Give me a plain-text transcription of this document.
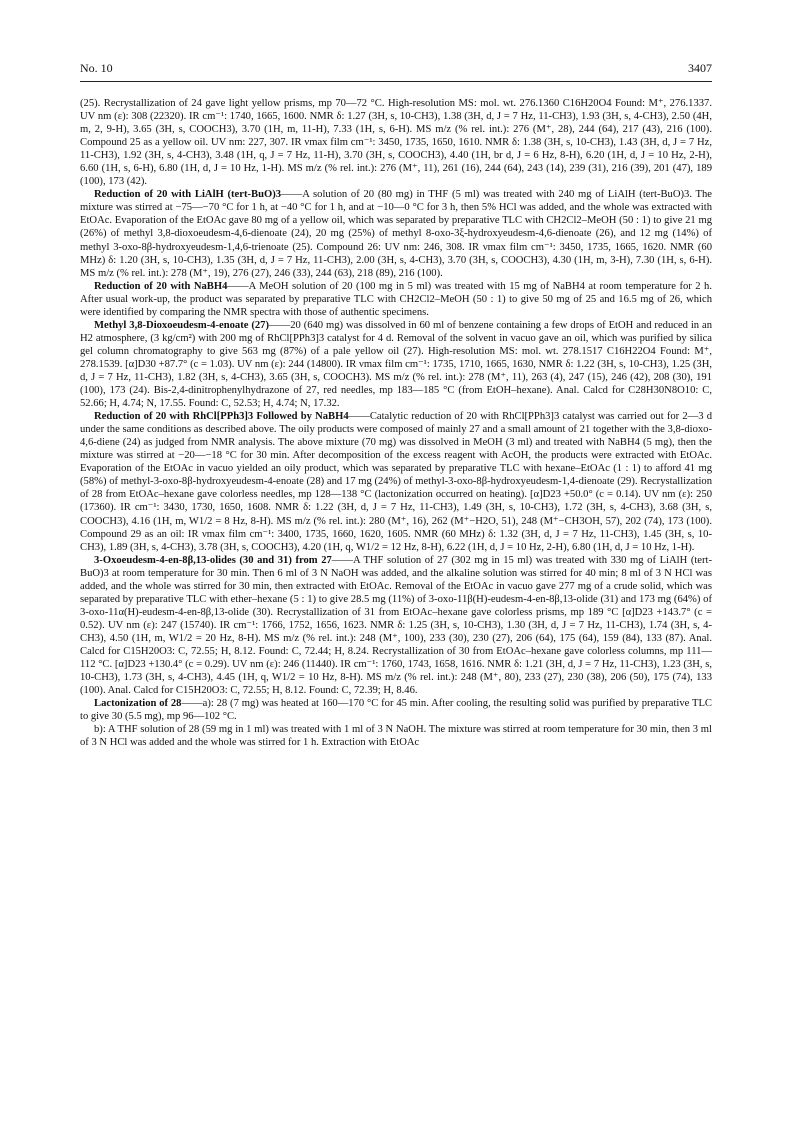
No. 10	3407

(25). Recrystallization of 24 gave light yellow prisms, mp 70—72 °C. High-resolution MS: mol. wt. 276.1360 C16H20O4 Found: M⁺, 276.1337. UV nm (ε): 308 (22320). IR cm⁻¹: 1740, 1665, 1600. NMR δ: 1.27 (3H, s, 10-CH3), 1.38 (3H, d, J = 7 Hz, 11-CH3), 1.93 (3H, s, 4-CH3), 2.50 (4H, m, 2, 9-H), 3.65 (3H, s, COOCH3), 3.70 (1H, m, 11-H), 7.33 (1H, s, 6-H). MS m/z (% rel. int.): 276 (M⁺, 28), 244 (64), 217 (43), 216 (100). Compound 25 as a yellow oil. UV nm: 227, 307. IR νmax film cm⁻¹: 3450, 1735, 1650, 1610. NMR δ: 1.38 (3H, s, 10-CH3), 1.43 (3H, d, J = 7 Hz, 11-CH3), 1.92 (3H, s, 4-CH3), 3.48 (1H, q, J = 7 Hz, 11-H), 3.70 (3H, s, COOCH3), 4.40 (1H, br d, J = 6 Hz, 8-H), 6.20 (1H, d, J = 10 Hz, 2-H), 6.60 (1H, s, 6-H), 6.80 (1H, d, J = 10 Hz, 1-H). MS m/z (% rel. int.): 276 (M⁺, 11), 261 (16), 244 (64), 243 (14), 239 (31), 216 (39), 201 (47), 189 (100), 173 (42).

Reduction of 20 with LiAlH (tert-BuO)3——A solution of 20 (80 mg) in THF (5 ml) was treated with 240 mg of LiAlH (tert-BuO)3. The mixture was stirred at −75—−70 °C for 1 h, at −40 °C for 1 h, and at −10—0 °C for 3 h, then 5% HCl was added, and the whole was extracted with EtOAc. Evaporation of the EtOAc gave 80 mg of a yellow oil, which was separated by preparative TLC with CH2Cl2–MeOH (50 : 1) to give 21 mg (26%) of methyl 3,8-dioxoeudesm-4,6-dienoate (24), 20 mg (25%) of methyl 8-oxo-3ξ-hydroxyeudesm-4,6-dienoate (26), and 12 mg (14%) of methyl 3-oxo-8β-hydroxyeudesm-1,4,6-trienoate (25). Compound 26: UV nm: 246, 308. IR νmax film cm⁻¹: 3450, 1735, 1665, 1620. NMR (60 MHz) δ: 1.20 (3H, s, 10-CH3), 1.35 (3H, d, J = 7 Hz, 11-CH3), 2.00 (3H, s, 4-CH3), 3.70 (3H, s, COOCH3), 4.30 (1H, m, 3-H), 7.30 (1H, s, 6-H). MS m/z (% rel. int.): 278 (M⁺, 19), 276 (27), 246 (33), 244 (63), 218 (89), 216 (100).

Reduction of 20 with NaBH4——A MeOH solution of 20 (100 mg in 5 ml) was treated with 15 mg of NaBH4 at room temperature for 2 h. After usual work-up, the product was separated by preparative TLC with CH2Cl2–MeOH (50 : 1) to give 50 mg of 25 and 16.5 mg of 26, which were identified by comparing the NMR spectra with those of authentic specimens.

Methyl 3,8-Dioxoeudesm-4-enoate (27)——20 (640 mg) was dissolved in 60 ml of benzene containing a few drops of EtOH and reduced in an H2 atmosphere, (3 kg/cm²) with 200 mg of RhCl[PPh3]3 catalyst for 4 d. Removal of the solvent in vacuo gave an oil, which was purified by silica gel column chromatography to give 563 mg (87%) of a pale yellow oil (27). High-resolution MS: mol. wt. 278.1517 C16H22O4 Found: M⁺, 278.1539. [α]D30 +87.7° (c = 1.03). UV nm (ε): 244 (14800). IR νmax film cm⁻¹: 1735, 1710, 1665, 1630, NMR δ: 1.22 (3H, s, 10-CH3), 1.25 (3H, d, J = 7 Hz, 11-CH3), 1.82 (3H, s, 4-CH3), 3.65 (3H, s, COOCH3). MS m/z (% rel. int.): 278 (M⁺, 11), 263 (4), 247 (15), 246 (42), 208 (30), 191 (100), 173 (24). Bis-2,4-dinitrophenylhydrazone of 27, red needles, mp 183—185 °C (from EtOH–hexane). Anal. Calcd for C28H30N8O10: C, 52.66; H, 4.74; N, 17.55. Found: C, 52.53; H, 4.74; N, 17.32.

Reduction of 20 with RhCl[PPh3]3 Followed by NaBH4——Catalytic reduction of 20 with RhCl[PPh3]3 catalyst was carried out for 2—3 d under the same conditions as described above. The oily products were composed of mainly 27 and a small amount of 21 together with the 3,8-dioxo-4,6-diene (24) as judged from NMR analysis. The above mixture (70 mg) was dissolved in MeOH (3 ml) and treated with NaBH4 (5 mg), then the mixture was stirred at −20—−18 °C for 30 min. After decomposition of the excess reagent with AcOH, the products were extracted with EtOAc. Evaporation of the EtOAc in vacuo yielded an oily product, which was separated by preparative TLC with hexane–EtOAc (1 : 1) to afford 41 mg (58%) of methyl-3-oxo-8β-hydroxyeudesm-4-enoate (28) and 17 mg (24%) of methyl-3-oxo-8β-hydroxyeudesm-1,4-dienoate (29). Recrystallization of 28 from EtOAc–hexane gave colorless needles, mp 128—138 °C (lactonization occurred on heating). [α]D23 +50.0° (c = 0.14). UV nm (ε): 250 (17360). IR cm⁻¹: 3430, 1730, 1650, 1608. NMR δ: 1.22 (3H, d, J = 7 Hz, 11-CH3), 1.49 (3H, s, 10-CH3), 1.72 (3H, s, 4-CH3), 3.68 (3H, s, COOCH3), 4.16 (1H, m, W1/2 = 8 Hz, 8-H). MS m/z (% rel. int.): 280 (M⁺, 16), 262 (M⁺−H2O, 51), 248 (M⁺−CH3OH, 57), 202 (74), 173 (100). Compound 29 as an oil: IR νmax film cm⁻¹: 3400, 1735, 1660, 1620, 1605. NMR (60 MHz) δ: 1.32 (3H, d, J = 7 Hz, 11-CH3), 1.45 (3H, s, 10-CH3), 1.89 (3H, s, 4-CH3), 3.78 (3H, s, COOCH3), 4.20 (1H, q, W1/2 = 12 Hz, 8-H), 6.22 (1H, d, J = 10 Hz, 2-H), 6.80 (1H, d, J = 10 Hz, 1-H).

3-Oxoeudesm-4-en-8β,13-olides (30 and 31) from 27——A THF solution of 27 (302 mg in 15 ml) was treated with 330 mg of LiAlH (tert-BuO)3 at room temperature for 30 min. Then 6 ml of 3 N NaOH was added, and the alkaline solution was stirred for 40 min; 8 ml of 3 N HCl was added, and the whole was stirred for 30 min, then extracted with EtOAc. Removal of the EtOAc in vacuo gave 277 mg of a crude solid, which was separated by preparative TLC with ether–hexane (5 : 1) to give 28.5 mg (11%) of 3-oxo-11β(H)-eudesm-4-en-8β,13-olide (31) and 173 mg (64%) of 3-oxo-11α(H)-eudesm-4-en-8β,13-olide (30). Recrystallization of 31 from EtOAc–hexane gave colorless prisms, mp 189 °C [α]D23 +143.7° (c = 0.52). UV nm (ε): 247 (15740). IR cm⁻¹: 1766, 1752, 1656, 1623. NMR δ: 1.25 (3H, s, 10-CH3), 1.30 (3H, d, J = 7 Hz, 11-CH3), 1.74 (3H, s, 4-CH3), 4.50 (1H, m, W1/2 = 20 Hz, 8-H). MS m/z (% rel. int.): 248 (M⁺, 100), 233 (30), 230 (27), 206 (64), 175 (64), 159 (84), 133 (87). Anal. Calcd for C15H20O3: C, 72.55; H, 8.12. Found: C, 72.44; H, 8.24. Recrystallization of 30 from EtOAc–hexane gave colorless columns, mp 111—112 °C. [α]D23 +130.4° (c = 0.29). UV nm (ε): 246 (11440). IR cm⁻¹: 1760, 1743, 1658, 1616. NMR δ: 1.21 (3H, d, J = 7 Hz, 11-CH3), 1.23 (3H, s, 10-CH3), 1.73 (3H, s, 4-CH3), 4.45 (1H, q, W1/2 = 10 Hz, 8-H). MS m/z (% rel. int.): 248 (M⁺, 80), 233 (27), 230 (38), 206 (50), 175 (74), 133 (100). Anal. Calcd for C15H20O3: C, 72.55; H, 8.12. Found: C, 72.39; H, 8.46.

Lactonization of 28——a): 28 (7 mg) was heated at 160—170 °C for 45 min. After cooling, the resulting solid was purified by preparative TLC to give 30 (5.5 mg), mp 96—102 °C.

b): A THF solution of 28 (59 mg in 1 ml) was treated with 1 ml of 3 N NaOH. The mixture was stirred at room temperature for 30 min, then 3 ml of 3 N HCl was added and the whole was stirred for 1 h. Extraction with EtOAc
